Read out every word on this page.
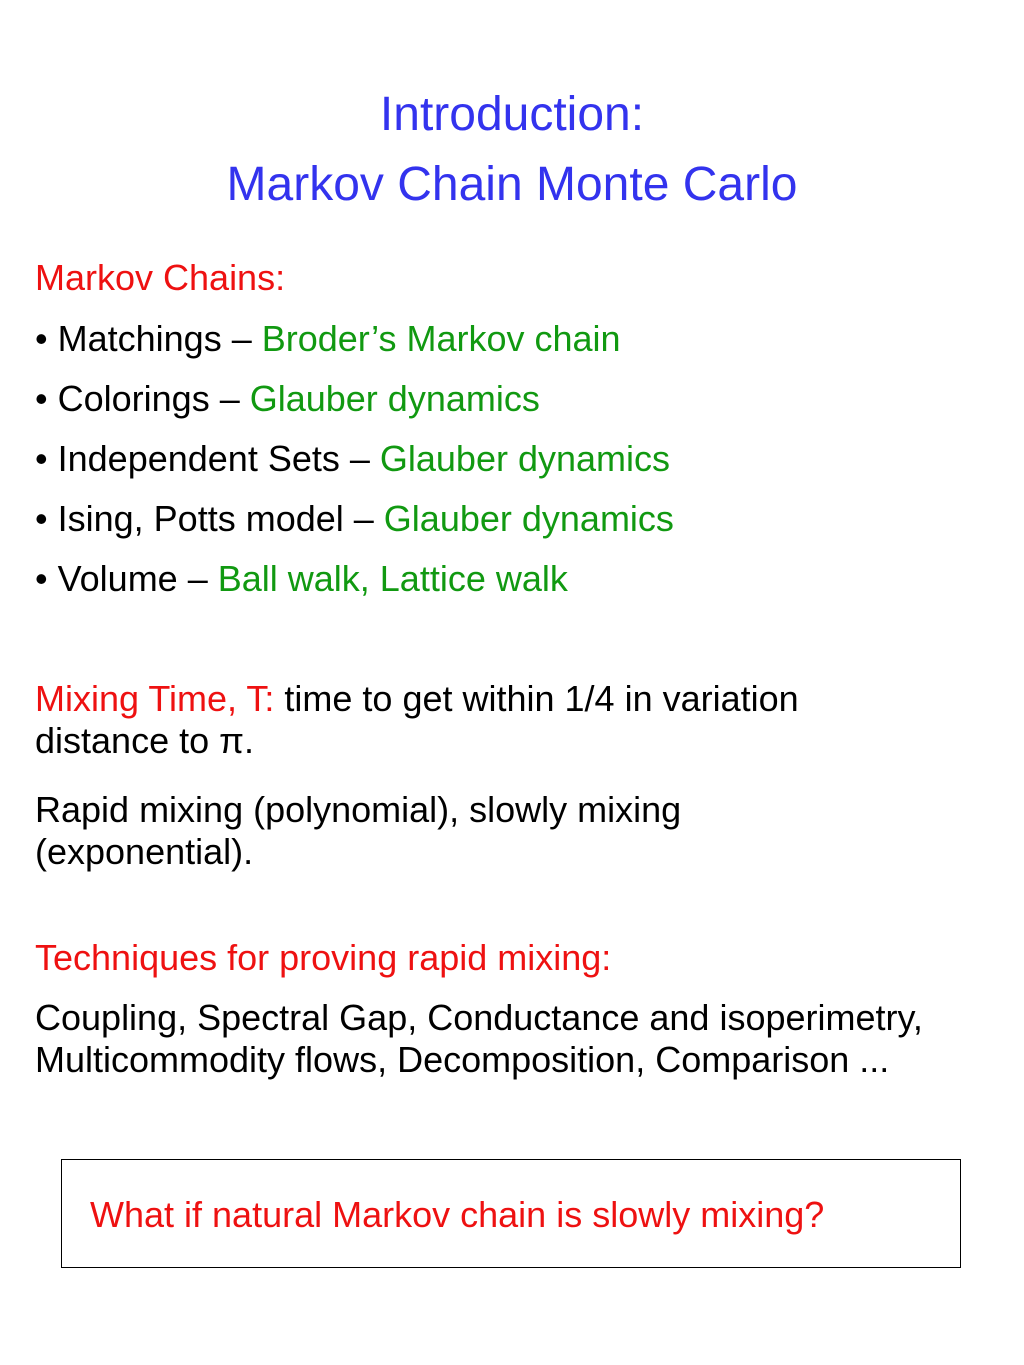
Introduction:
Markov Chain Monte Carlo
Markov Chains:
• Matchings – Broder’s Markov chain
• Colorings – Glauber dynamics
• Independent Sets – Glauber dynamics
• Ising, Potts model – Glauber dynamics
• Volume – Ball walk, Lattice walk
Mixing Time, T: time to get within 1/4 in variation distance to π.
Rapid mixing (polynomial), slowly mixing (exponential).
Techniques for proving rapid mixing:
Coupling, Spectral Gap, Conductance and isoperimetry, Multicommodity flows, Decomposition, Comparison ...
What if natural Markov chain is slowly mixing?
